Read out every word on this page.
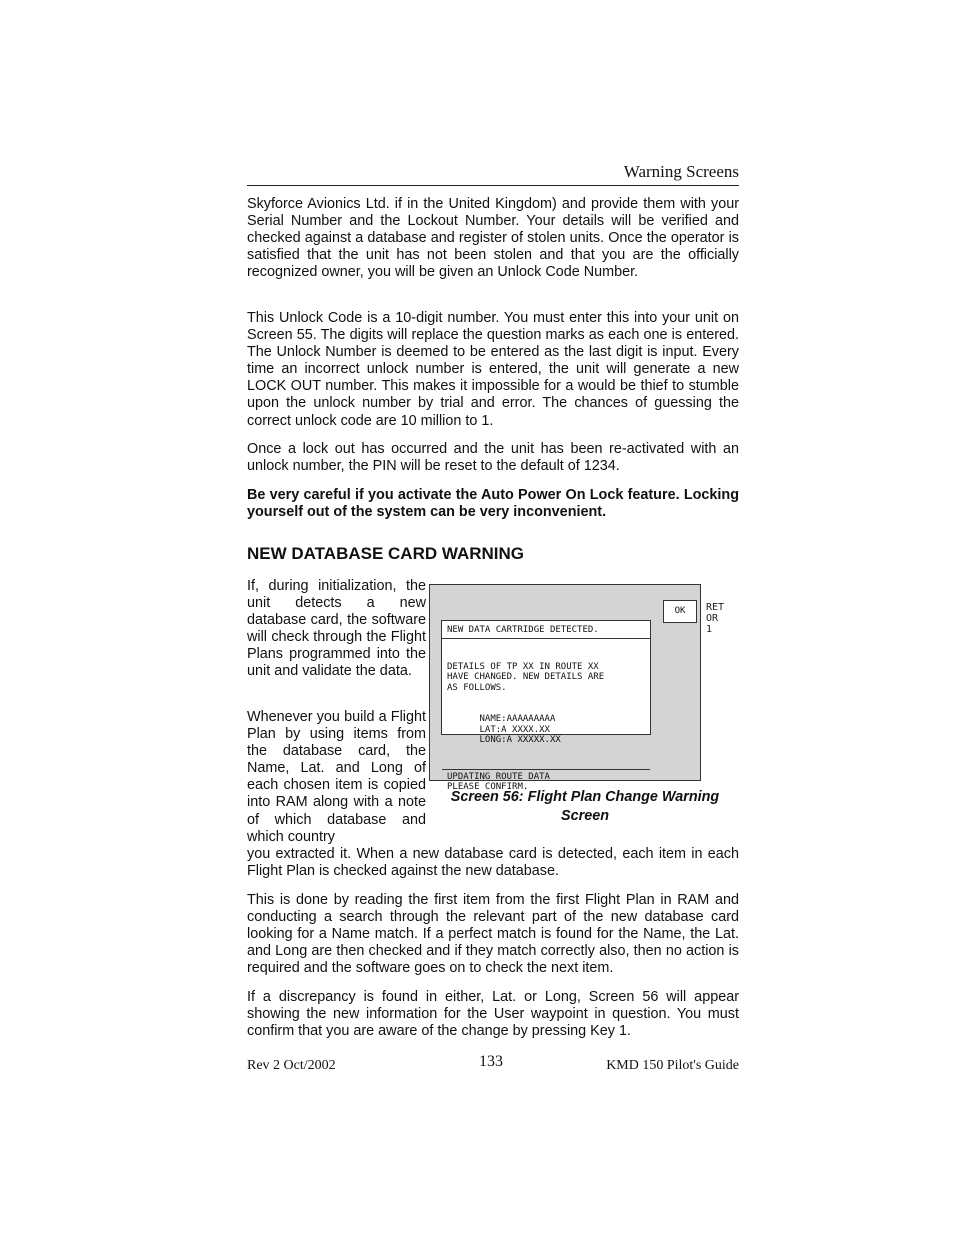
Warning Screens

Skyforce Avionics Ltd. if in the United Kingdom) and provide them with your Serial Number and the Lockout Number. Your details will be verified and checked against a database and register of stolen units. Once the operator is satisfied that the unit has not been stolen and that you are the officially recognized owner, you will be given an Unlock Code Number.

This Unlock Code is a 10-digit number. You must enter this into your unit on Screen 55. The digits will replace the question marks as each one is entered. The Unlock Number is deemed to be entered as the last digit is input. Every time an incorrect unlock number is entered, the unit will generate a new LOCK OUT number. This makes it impossible for a would be thief to stumble upon the unlock number by trial and error. The chances of guessing the correct unlock code are 10 million to 1.

Once a lock out has occurred and the unit has been re-activated with an unlock number, the PIN will be reset to the default of 1234.

Be very careful if you activate the Auto Power On Lock feature. Locking yourself out of the system can be very inconvenient.

NEW DATABASE CARD WARNING

If, during initialization, the unit detects a new database card, the software will check through the Flight Plans programmed into the unit and validate the data.

Whenever you build a Flight Plan by using items from the database card, the Name, Lat. and Long of each chosen item is copied into RAM along with a note of which database and which country

OK	RET
OR
1
NEW DATA CARTRIDGE DETECTED.

DETAILS OF TP XX IN ROUTE XX
HAVE CHANGED. NEW DETAILS ARE
AS FOLLOWS.

NAME:AAAAAAAAA
LAT:A XXXX.XX
LONG:A XXXXX.XX

UPDATING ROUTE DATA
PLEASE CONFIRM.
Screen 56: Flight Plan Change Warning Screen

you extracted it. When a new database card is detected, each item in each Flight Plan is checked against the new database.

This is done by reading the first item from the first Flight Plan in RAM and conducting a search through the relevant part of the new database card looking for a Name match. If a perfect match is found for the Name, the Lat. and Long are then checked and if they match correctly also, then no action is required and the software goes on to check the next item.

If a discrepancy is found in either, Lat. or Long, Screen 56 will appear showing the new information for the User waypoint in question. You must confirm that you are aware of the change by pressing Key 1.

Rev 2 Oct/2002	133	KMD 150 Pilot's Guide
